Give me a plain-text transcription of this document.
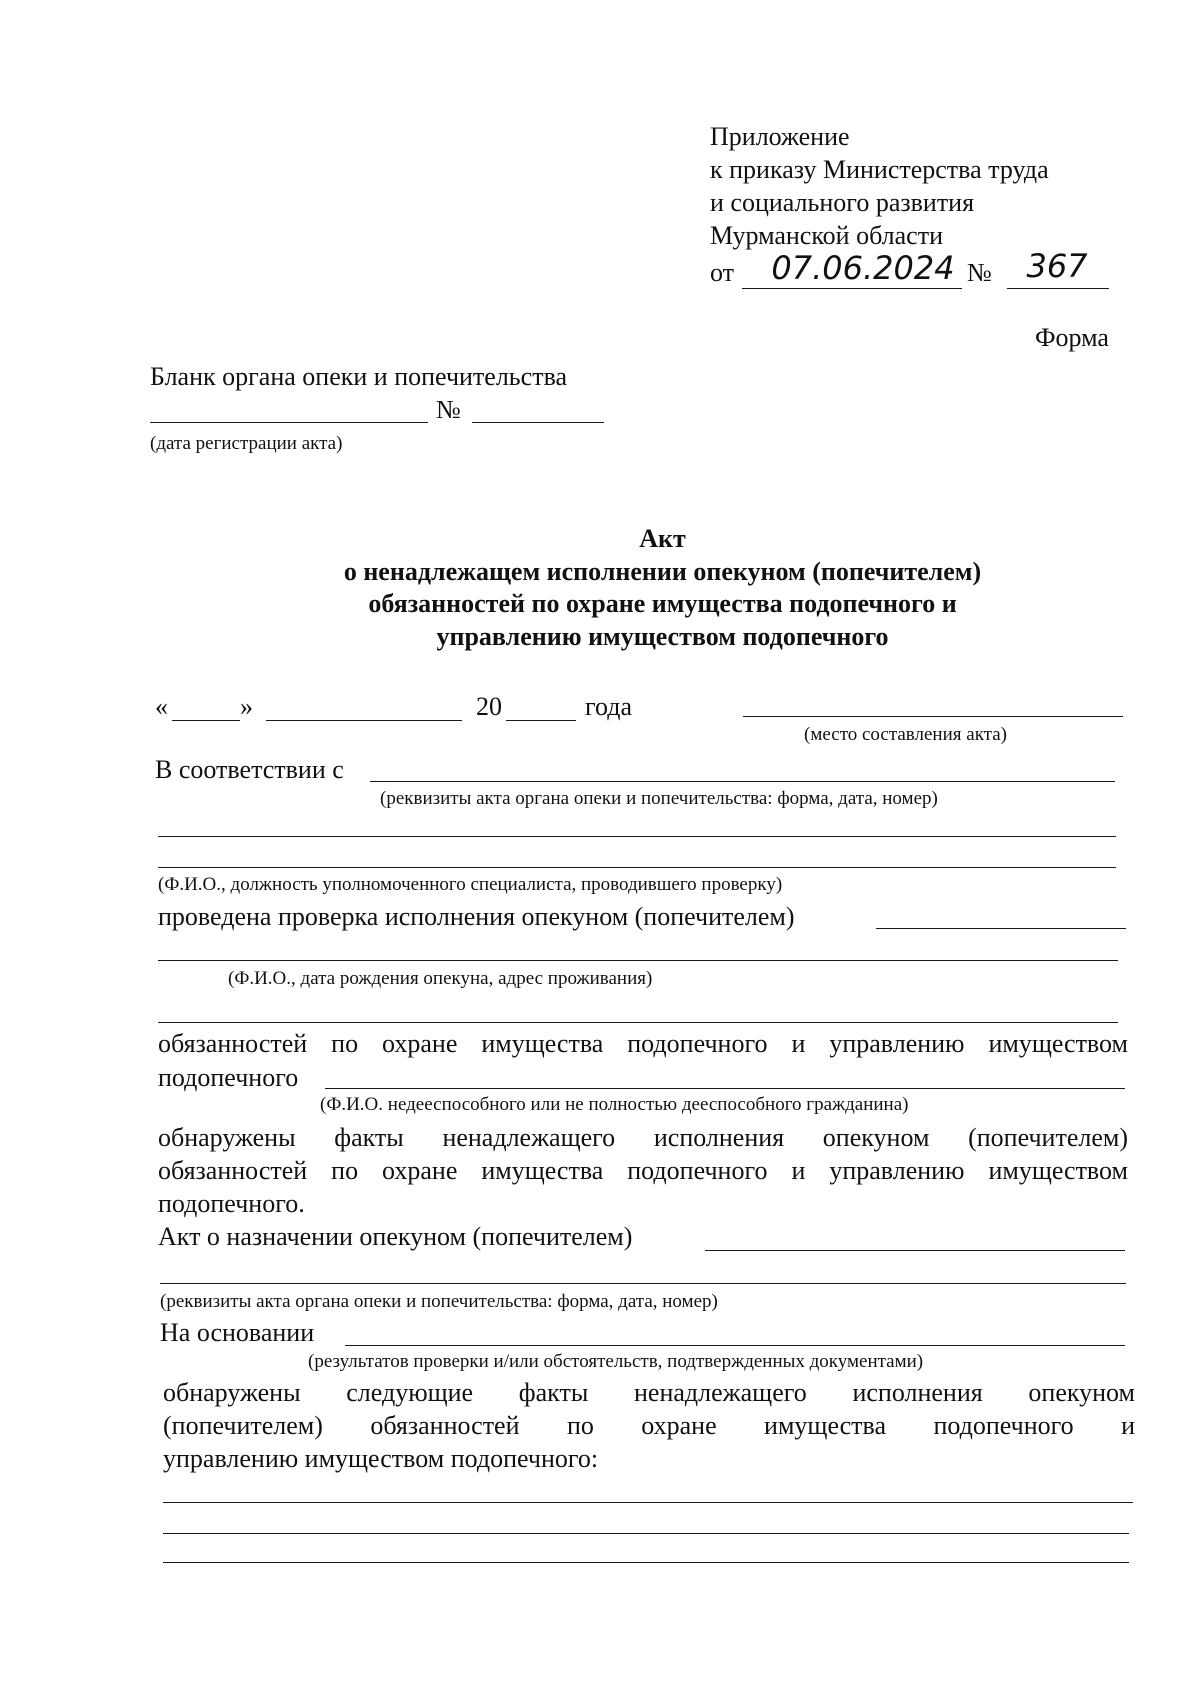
Приложение
к приказу Министерства труда
и социального развития
Мурманской области
от	07.06.2024 №	367
Форма
Бланк органа опеки и попечительства
№
(дата регистрации акта)
Акт
о ненадлежащем исполнении опекуном (попечителем)
обязанностей по охране имущества подопечного и
управлению имуществом подопечного
«	»	20	года
(место составления акта)
В соответствии с
(реквизиты акта органа опеки и попечительства: форма, дата, номер)
(Ф.И.О., должность уполномоченного специалиста, проводившего проверку)
проведена проверка исполнения опекуном (попечителем)
(Ф.И.О., дата рождения опекуна, адрес проживания)
обязанностей по охране имущества подопечного и управлению имуществом
подопечного
(Ф.И.О. недееспособного или не полностью дееспособного гражданина)
обнаружены факты ненадлежащего исполнения опекуном (попечителем)
обязанностей по охране имущества подопечного и управлению имуществом
подопечного.
Акт о назначении опекуном (попечителем)
(реквизиты акта органа опеки и попечительства: форма, дата, номер)
На основании
(результатов проверки и/или обстоятельств, подтвержденных документами)
обнаружены следующие факты ненадлежащего исполнения опекуном
(попечителем) обязанностей по охране имущества подопечного и
управлению имуществом подопечного:
